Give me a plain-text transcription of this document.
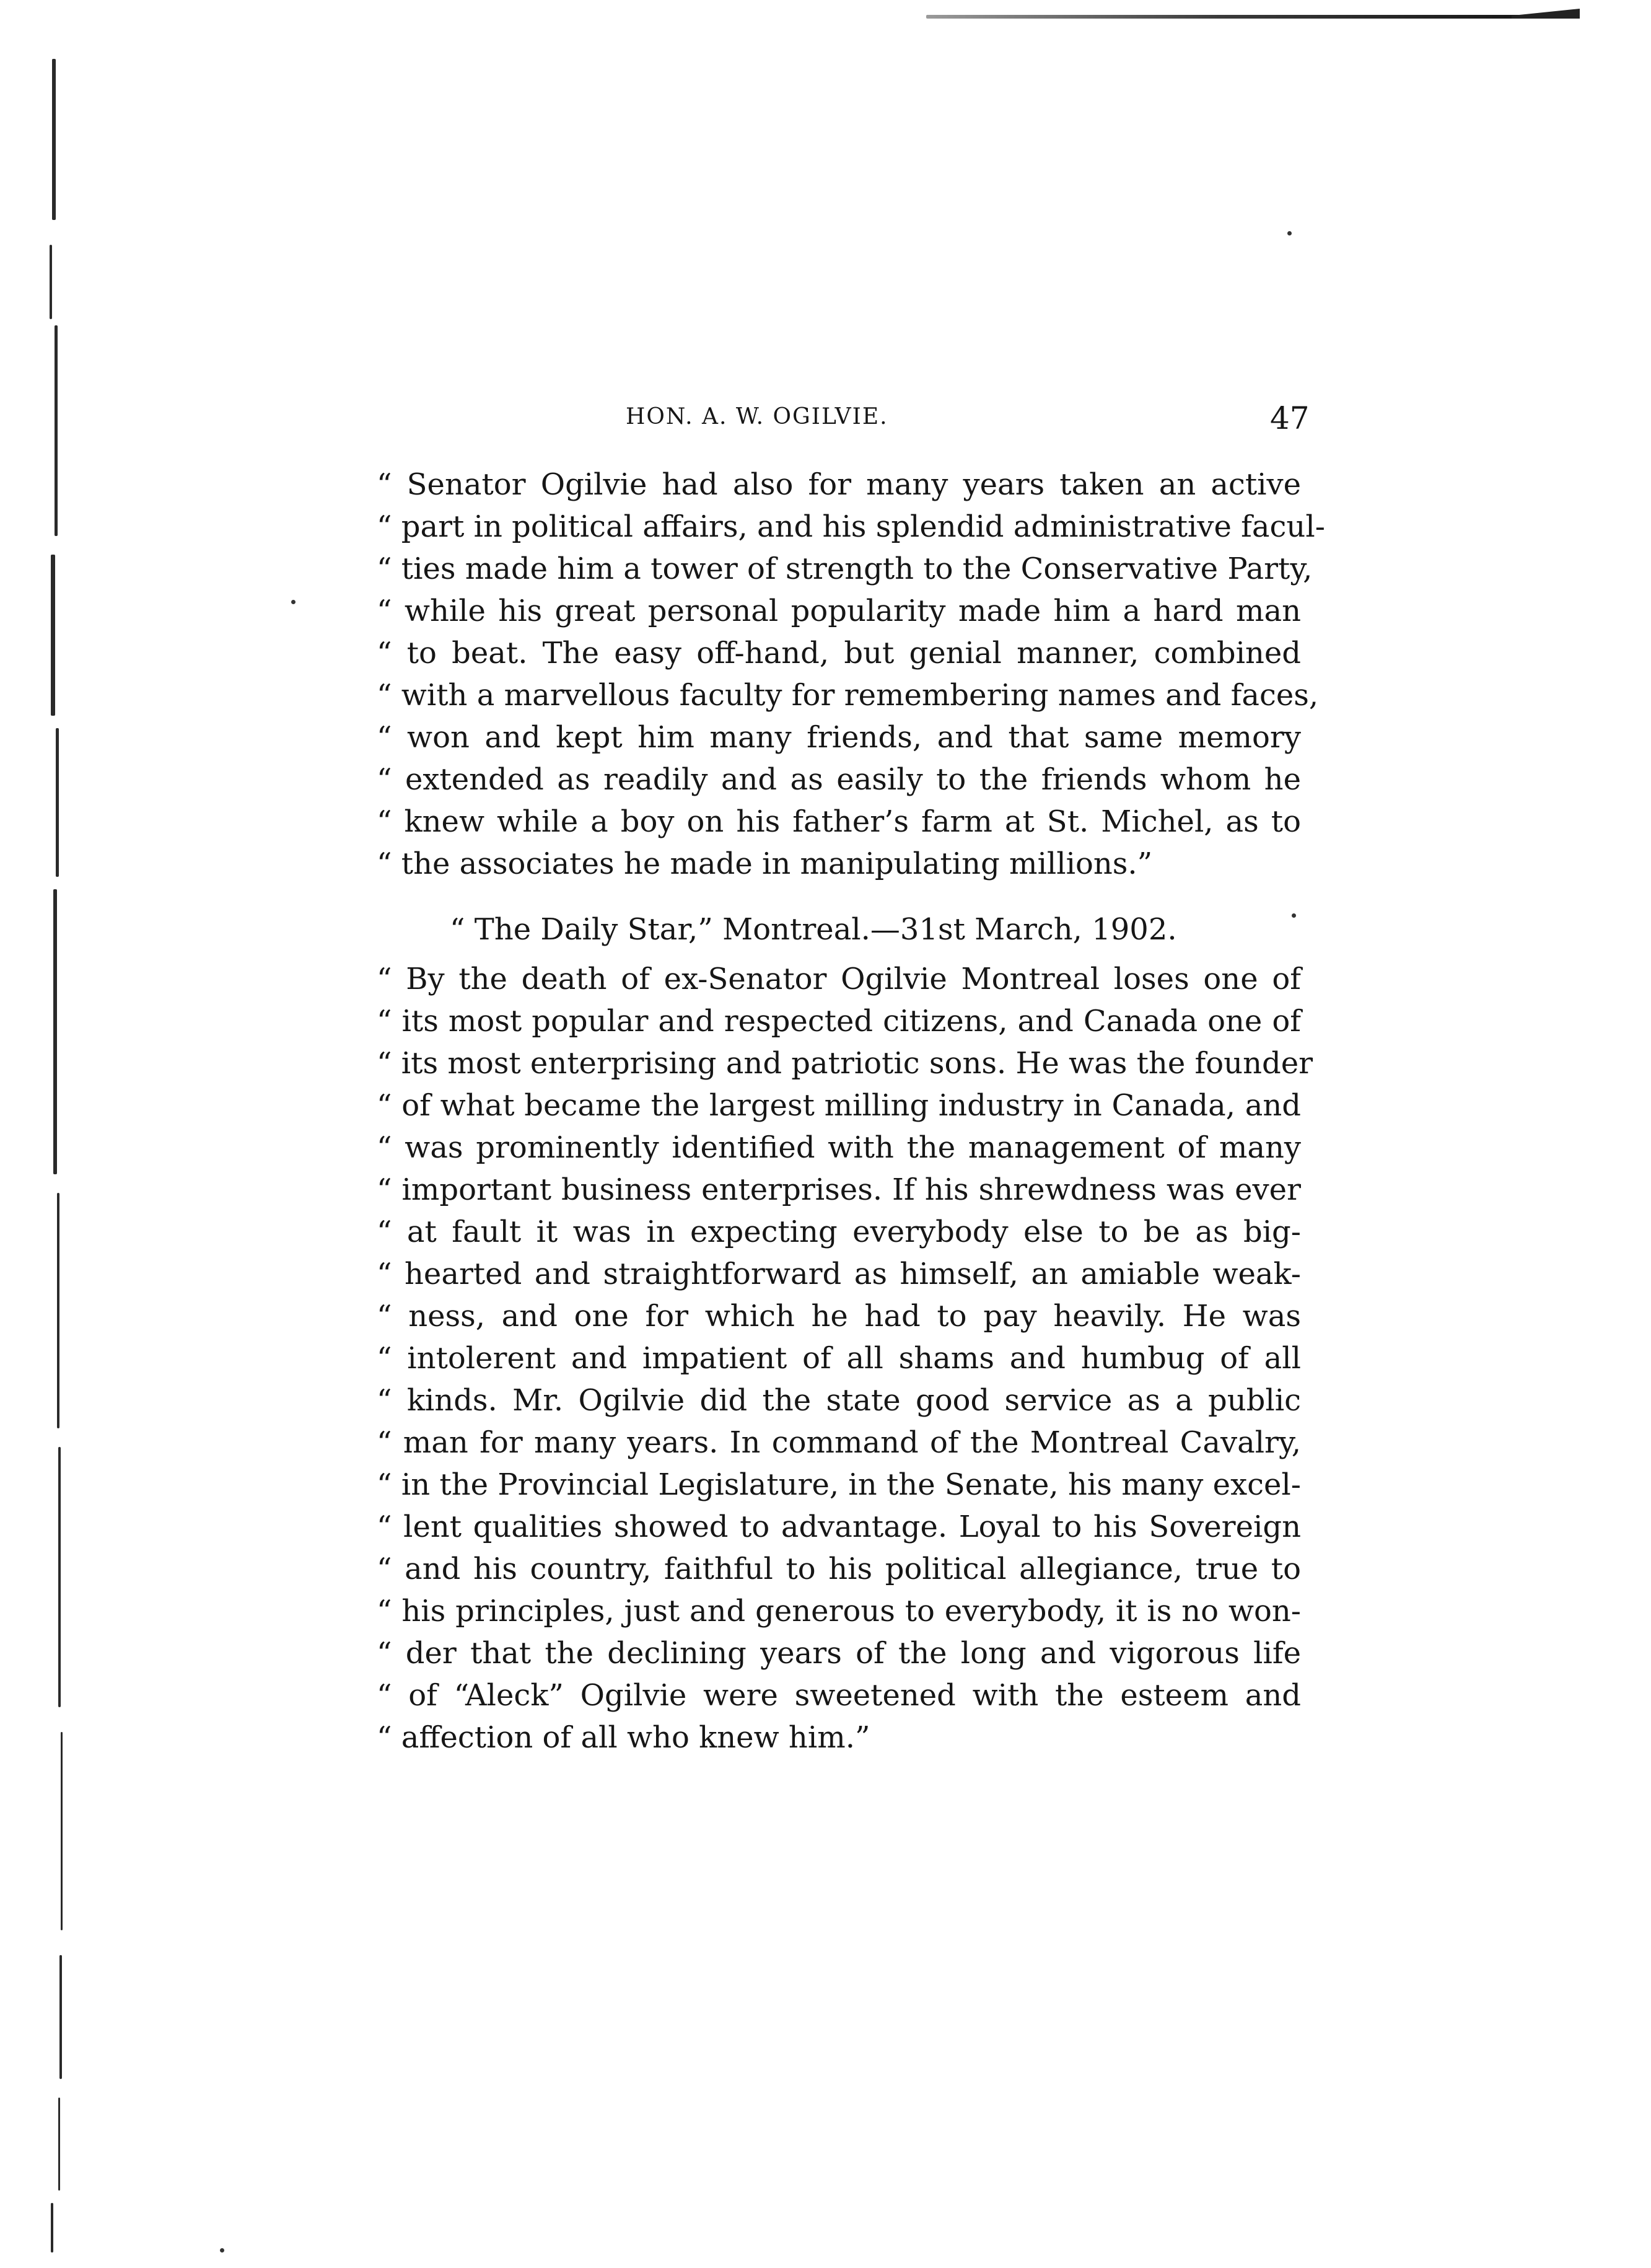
HON. A. W. OGILVIE.	47
“ Senator Ogilvie had also for many years taken an active
“ part in political affairs, and his splendid administrative facul-
“ ties made him a tower of strength to the Conservative Party,
“ while his great personal popularity made him a hard man
“ to beat. The easy off-hand, but genial manner, combined
“ with a marvellous faculty for remembering names and faces,
“ won and kept him many friends, and that same memory
“ extended as readily and as easily to the friends whom he
“ knew while a boy on his father’s farm at St. Michel, as to
“ the associates he made in manipulating millions.”
“ The Daily Star,” Montreal.—31st March, 1902.
“ By the death of ex-Senator Ogilvie Montreal loses one of
“ its most popular and respected citizens, and Canada one of
“ its most enterprising and patriotic sons. He was the founder
“ of what became the largest milling industry in Canada, and
“ was prominently identified with the management of many
“ important business enterprises. If his shrewdness was ever
“ at fault it was in expecting everybody else to be as big-
“ hearted and straightforward as himself, an amiable weak-
“ ness, and one for which he had to pay heavily. He was
“ intolerent and impatient of all shams and humbug of all
“ kinds. Mr. Ogilvie did the state good service as a public
“ man for many years. In command of the Montreal Cavalry,
“ in the Provincial Legislature, in the Senate, his many excel-
“ lent qualities showed to advantage. Loyal to his Sovereign
“ and his country, faithful to his political allegiance, true to
“ his principles, just and generous to everybody, it is no won-
“ der that the declining years of the long and vigorous life
“ of “Aleck” Ogilvie were sweetened with the esteem and
“ affection of all who knew him.”
